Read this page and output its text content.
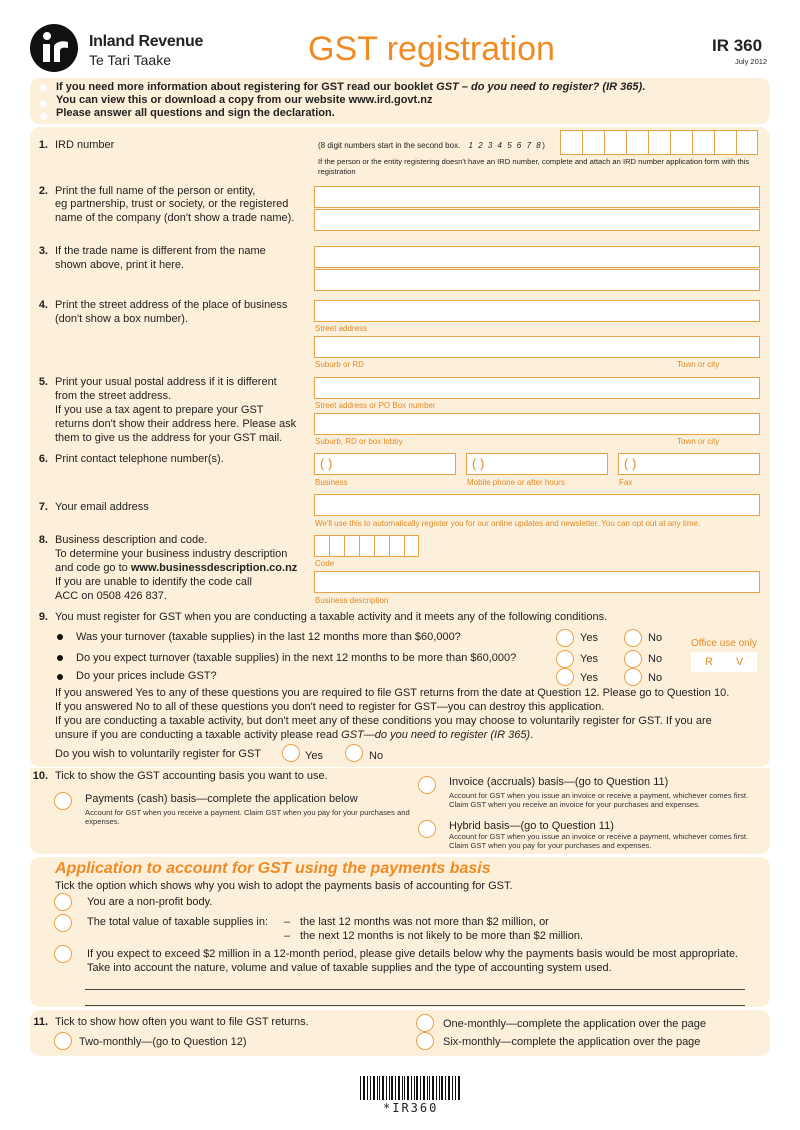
Inland Revenue
Te Tari Taake	GST registration	IR 360
July 2012
If you need more information about registering for GST read our booklet GST – do you need to register? (IR 365).
You can view this or download a copy from our website www.ird.govt.nz
Please answer all questions and sign the declaration.
1. IRD number	(8 digit numbers start in the second box. 1 2 3 4 5 6 7 8)
If the person or the entity registering doesn't have an IRD number, complete and attach an IRD number application form with this registration
2. Print the full name of the person or entity,
eg partnership, trust or society, or the registered
name of the company (don't show a trade name).
3. If the trade name is different from the name
shown above, print it here.
4. Print the street address of the place of business
(don't show a box number).
Street address
Suburb or RD	Town or city
5. Print your usual postal address if it is different
from the street address.
If you use a tax agent to prepare your GST
returns don't show their address here. Please ask
them to give us the address for your GST mail.
Street address or PO Box number
Suburb, RD or box lobby	Town or city
6. Print contact telephone number(s).	( )
Business
( )
Mobile phone or after hours
( )
Fax
7. Your email address
We'll use this to automatically register you for our online updates and newsletter. You can opt out at any time.
8. Business description and code.
To determine your business industry description
and code go to www.businessdescription.co.nz
If you are unable to identify the code call
ACC on 0508 426 837.
Code
Business description
9. You must register for GST when you are conducting a taxable activity and it meets any of the following conditions.
Was your turnover (taxable supplies) in the last 12 months more than $60,000?	Yes	No
Do you expect turnover (taxable supplies) in the next 12 months to be more than $60,000?	Yes	No
Do your prices include GST?	Yes	No
Office use only
R V
If you answered Yes to any of these questions you are required to file GST returns from the date at Question 12. Please go to Question 10.
If you answered No to all of these questions you don't need to register for GST—you can destroy this application.
If you are conducting a taxable activity, but don't meet any of these conditions you may choose to voluntarily register for GST. If you are
unsure if you are conducting a taxable activity please read GST—do you need to register (IR 365).
Do you wish to voluntarily register for GST	Yes	No
10. Tick to show the GST accounting basis you want to use.
Payments (cash) basis—complete the application below
Account for GST when you receive a payment. Claim GST when you pay for your purchases and expenses.
Invoice (accruals) basis—(go to Question 11)
Account for GST when you issue an invoice or receive a payment, whichever comes first. Claim GST when you receive an invoice for your purchases and expenses.
Hybrid basis—(go to Question 11)
Account for GST when you issue an invoice or receive a payment, whichever comes first. Claim GST when you pay for your purchases and expenses.
Application to account for GST using the payments basis
Tick the option which shows why you wish to adopt the payments basis of accounting for GST.
You are a non-profit body.
The total value of taxable supplies in: – the last 12 months was not more than $2 million, or
– the next 12 months is not likely to be more than $2 million.
If you expect to exceed $2 million in a 12-month period, please give details below why the payments basis would be most appropriate.
Take into account the nature, volume and value of taxable supplies and the type of accounting system used.
11. Tick to show how often you want to file GST returns.	One-monthly—complete the application over the page
Two-monthly—(go to Question 12)	Six-monthly—complete the application over the page
*IR360
